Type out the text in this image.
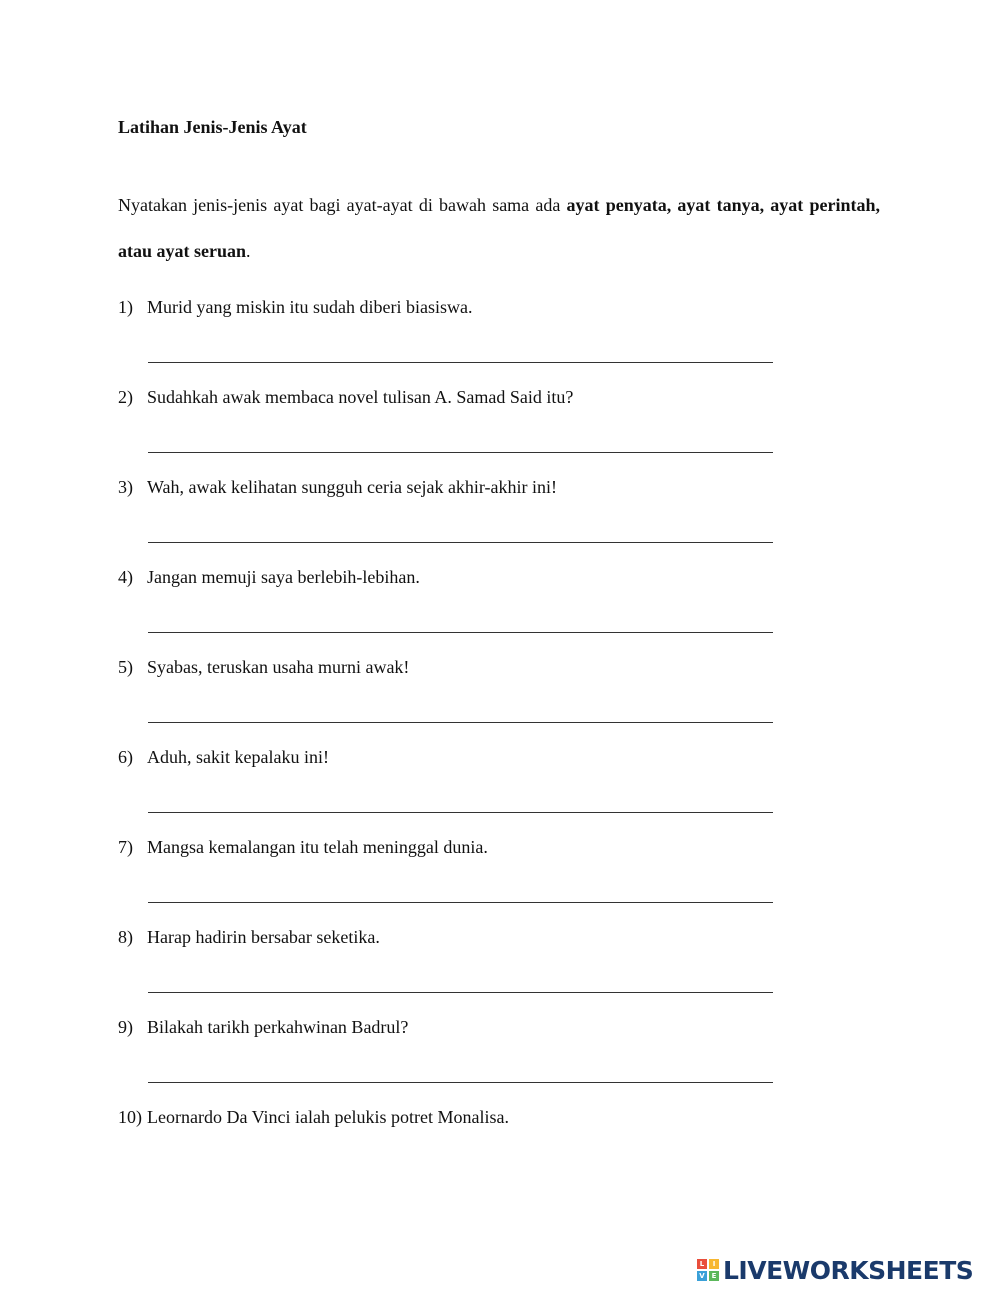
Latihan Jenis-Jenis Ayat
Nyatakan jenis-jenis ayat bagi ayat-ayat di bawah sama ada ayat penyata, ayat tanya, ayat perintah, atau ayat seruan.
1) Murid yang miskin itu sudah diberi biasiswa.
2) Sudahkah awak membaca novel tulisan A. Samad Said itu?
3) Wah, awak kelihatan sungguh ceria sejak akhir-akhir ini!
4) Jangan memuji saya berlebih-lebihan.
5) Syabas, teruskan usaha murni awak!
6) Aduh, sakit kepalaku ini!
7) Mangsa kemalangan itu telah meninggal dunia.
8) Harap hadirin bersabar seketika.
9) Bilakah tarikh perkahwinan Badrul?
10) Leornardo Da Vinci ialah pelukis potret Monalisa.
L	I
V E LIVEWORKSHEETS
